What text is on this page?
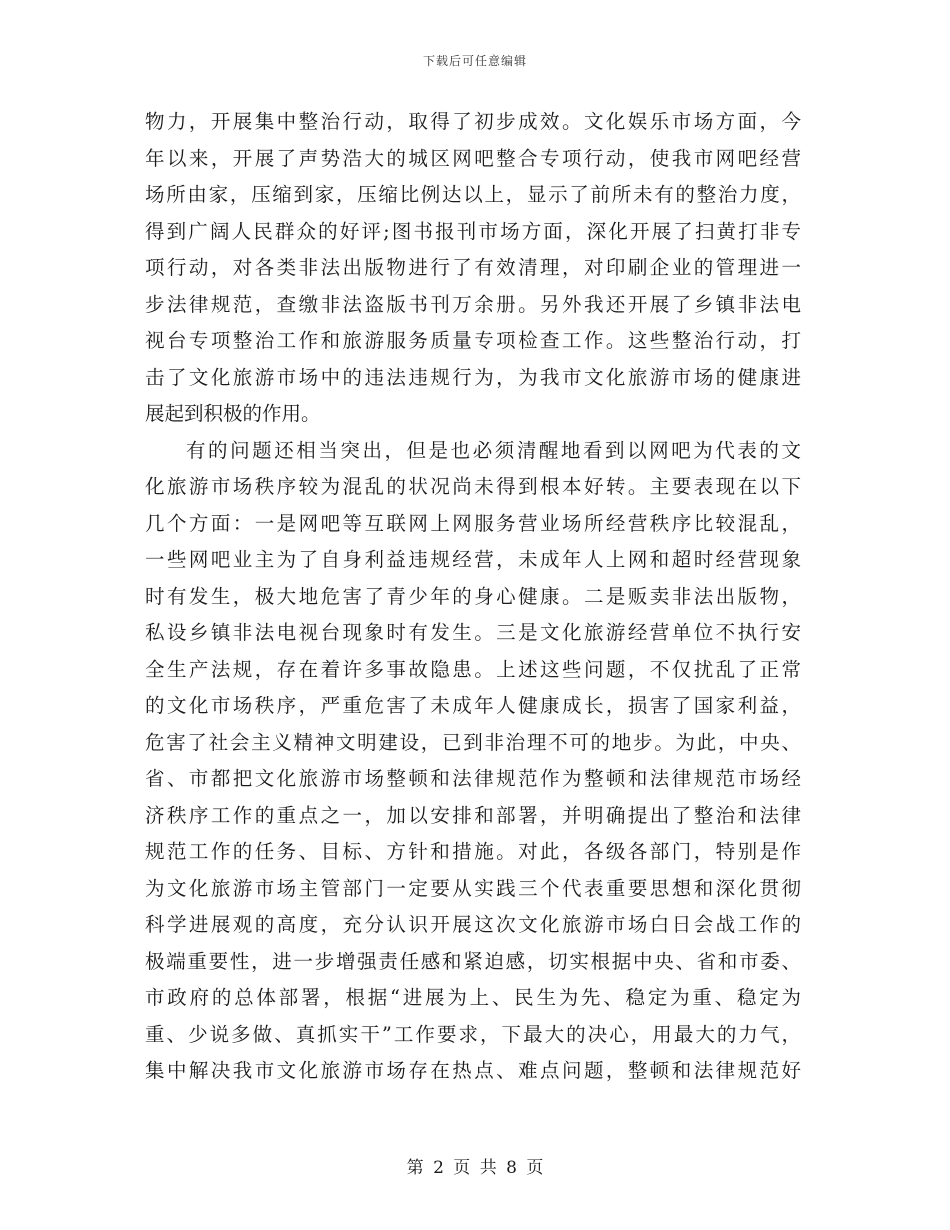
下载后可任意编辑
物力，开展集中整治行动，取得了初步成效。文化娱乐市场方面，今
年以来，开展了声势浩大的城区网吧整合专项行动，使我市网吧经营
场所由家，压缩到家，压缩比例达以上，显示了前所未有的整治力度，
得到广阔人民群众的好评;图书报刊市场方面，深化开展了扫黄打非专
项行动，对各类非法出版物进行了有效清理，对印刷企业的管理进一
步法律规范，查缴非法盗版书刊万余册。另外我还开展了乡镇非法电
视台专项整治工作和旅游服务质量专项检查工作。这些整治行动，打
击了文化旅游市场中的违法违规行为，为我市文化旅游市场的健康进
展起到积极的作用。
有的问题还相当突出，但是也必须清醒地看到以网吧为代表的文
化旅游市场秩序较为混乱的状况尚未得到根本好转。主要表现在以下
几个方面：一是网吧等互联网上网服务营业场所经营秩序比较混乱，
一些网吧业主为了自身利益违规经营，未成年人上网和超时经营现象
时有发生，极大地危害了青少年的身心健康。二是贩卖非法出版物，
私设乡镇非法电视台现象时有发生。三是文化旅游经营单位不执行安
全生产法规，存在着许多事故隐患。上述这些问题，不仅扰乱了正常
的文化市场秩序，严重危害了未成年人健康成长，损害了国家利益，
危害了社会主义精神文明建设，已到非治理不可的地步。为此，中央、
省、市都把文化旅游市场整顿和法律规范作为整顿和法律规范市场经
济秩序工作的重点之一，加以安排和部署，并明确提出了整治和法律
规范工作的任务、目标、方针和措施。对此，各级各部门，特别是作
为文化旅游市场主管部门一定要从实践三个代表重要思想和深化贯彻
科学进展观的高度，充分认识开展这次文化旅游市场白日会战工作的
极端重要性，进一步增强责任感和紧迫感，切实根据中央、省和市委、
市政府的总体部署，根据“进展为上、民生为先、稳定为重、稳定为
重、少说多做、真抓实干”工作要求，下最大的决心，用最大的力气，
集中解决我市文化旅游市场存在热点、难点问题，整顿和法律规范好
第 2 页 共 8 页
